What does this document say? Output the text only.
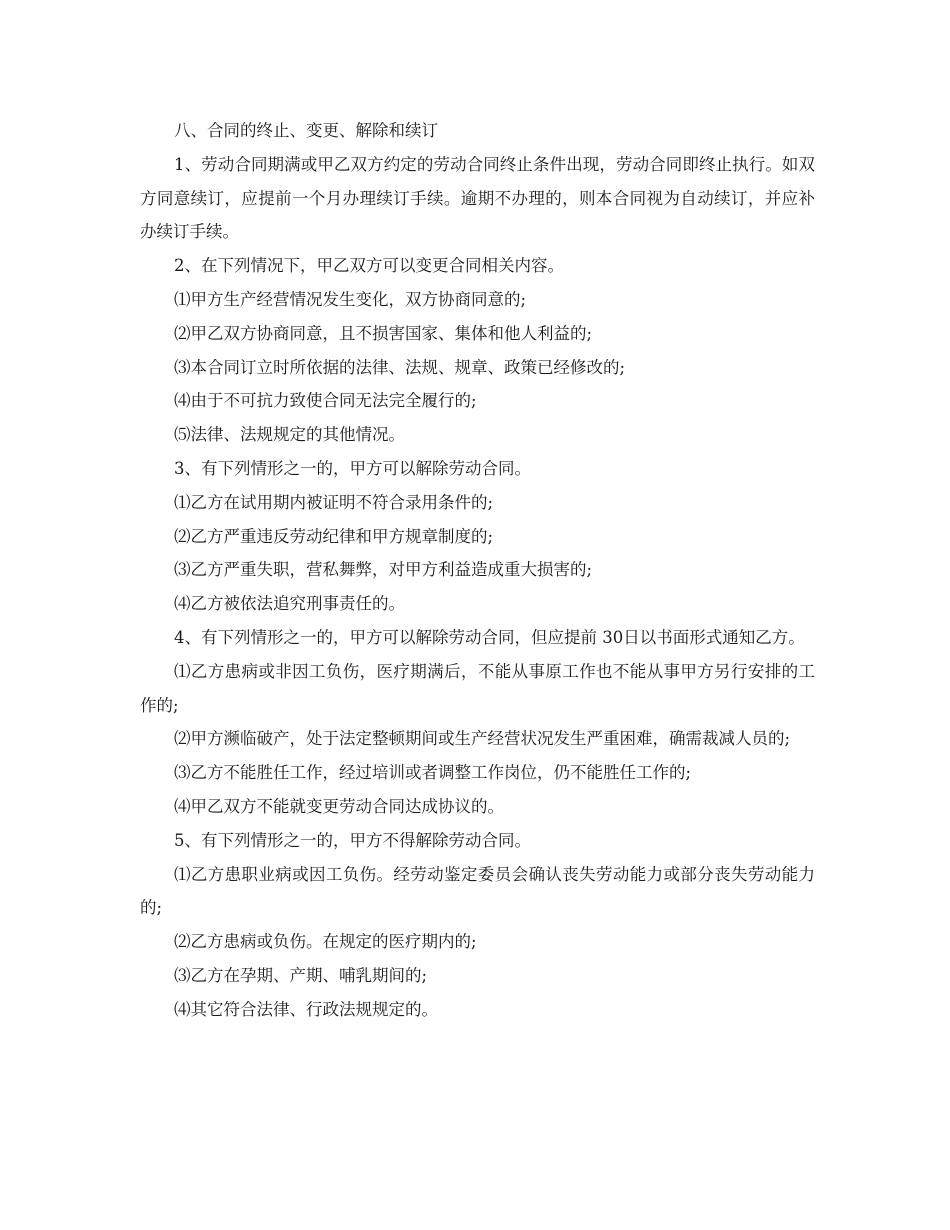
八、合同的终止、变更、解除和续订

1、劳动合同期满或甲乙双方约定的劳动合同终止条件出现，劳动合同即终止执行。如双方同意续订，应提前一个月办理续订手续。逾期不办理的，则本合同视为自动续订，并应补办续订手续。

2、在下列情况下，甲乙双方可以变更合同相关内容。

⑴甲方生产经营情况发生变化，双方协商同意的;

⑵甲乙双方协商同意，且不损害国家、集体和他人利益的;

⑶本合同订立时所依据的法律、法规、规章、政策已经修改的;

⑷由于不可抗力致使合同无法完全履行的;

⑸法律、法规规定的其他情况。

3、有下列情形之一的，甲方可以解除劳动合同。

⑴乙方在试用期内被证明不符合录用条件的;

⑵乙方严重违反劳动纪律和甲方规章制度的;

⑶乙方严重失职，营私舞弊，对甲方利益造成重大损害的;

⑷乙方被依法追究刑事责任的。

4、有下列情形之一的，甲方可以解除劳动合同，但应提前 30日以书面形式通知乙方。

⑴乙方患病或非因工负伤，医疗期满后，不能从事原工作也不能从事甲方另行安排的工作的;

⑵甲方濒临破产，处于法定整顿期间或生产经营状况发生严重困难，确需裁减人员的;

⑶乙方不能胜任工作，经过培训或者调整工作岗位，仍不能胜任工作的;

⑷甲乙双方不能就变更劳动合同达成协议的。

5、有下列情形之一的，甲方不得解除劳动合同。

⑴乙方患职业病或因工负伤。经劳动鉴定委员会确认丧失劳动能力或部分丧失劳动能力的;

⑵乙方患病或负伤。在规定的医疗期内的;

⑶乙方在孕期、产期、哺乳期间的;

⑷其它符合法律、行政法规规定的。
